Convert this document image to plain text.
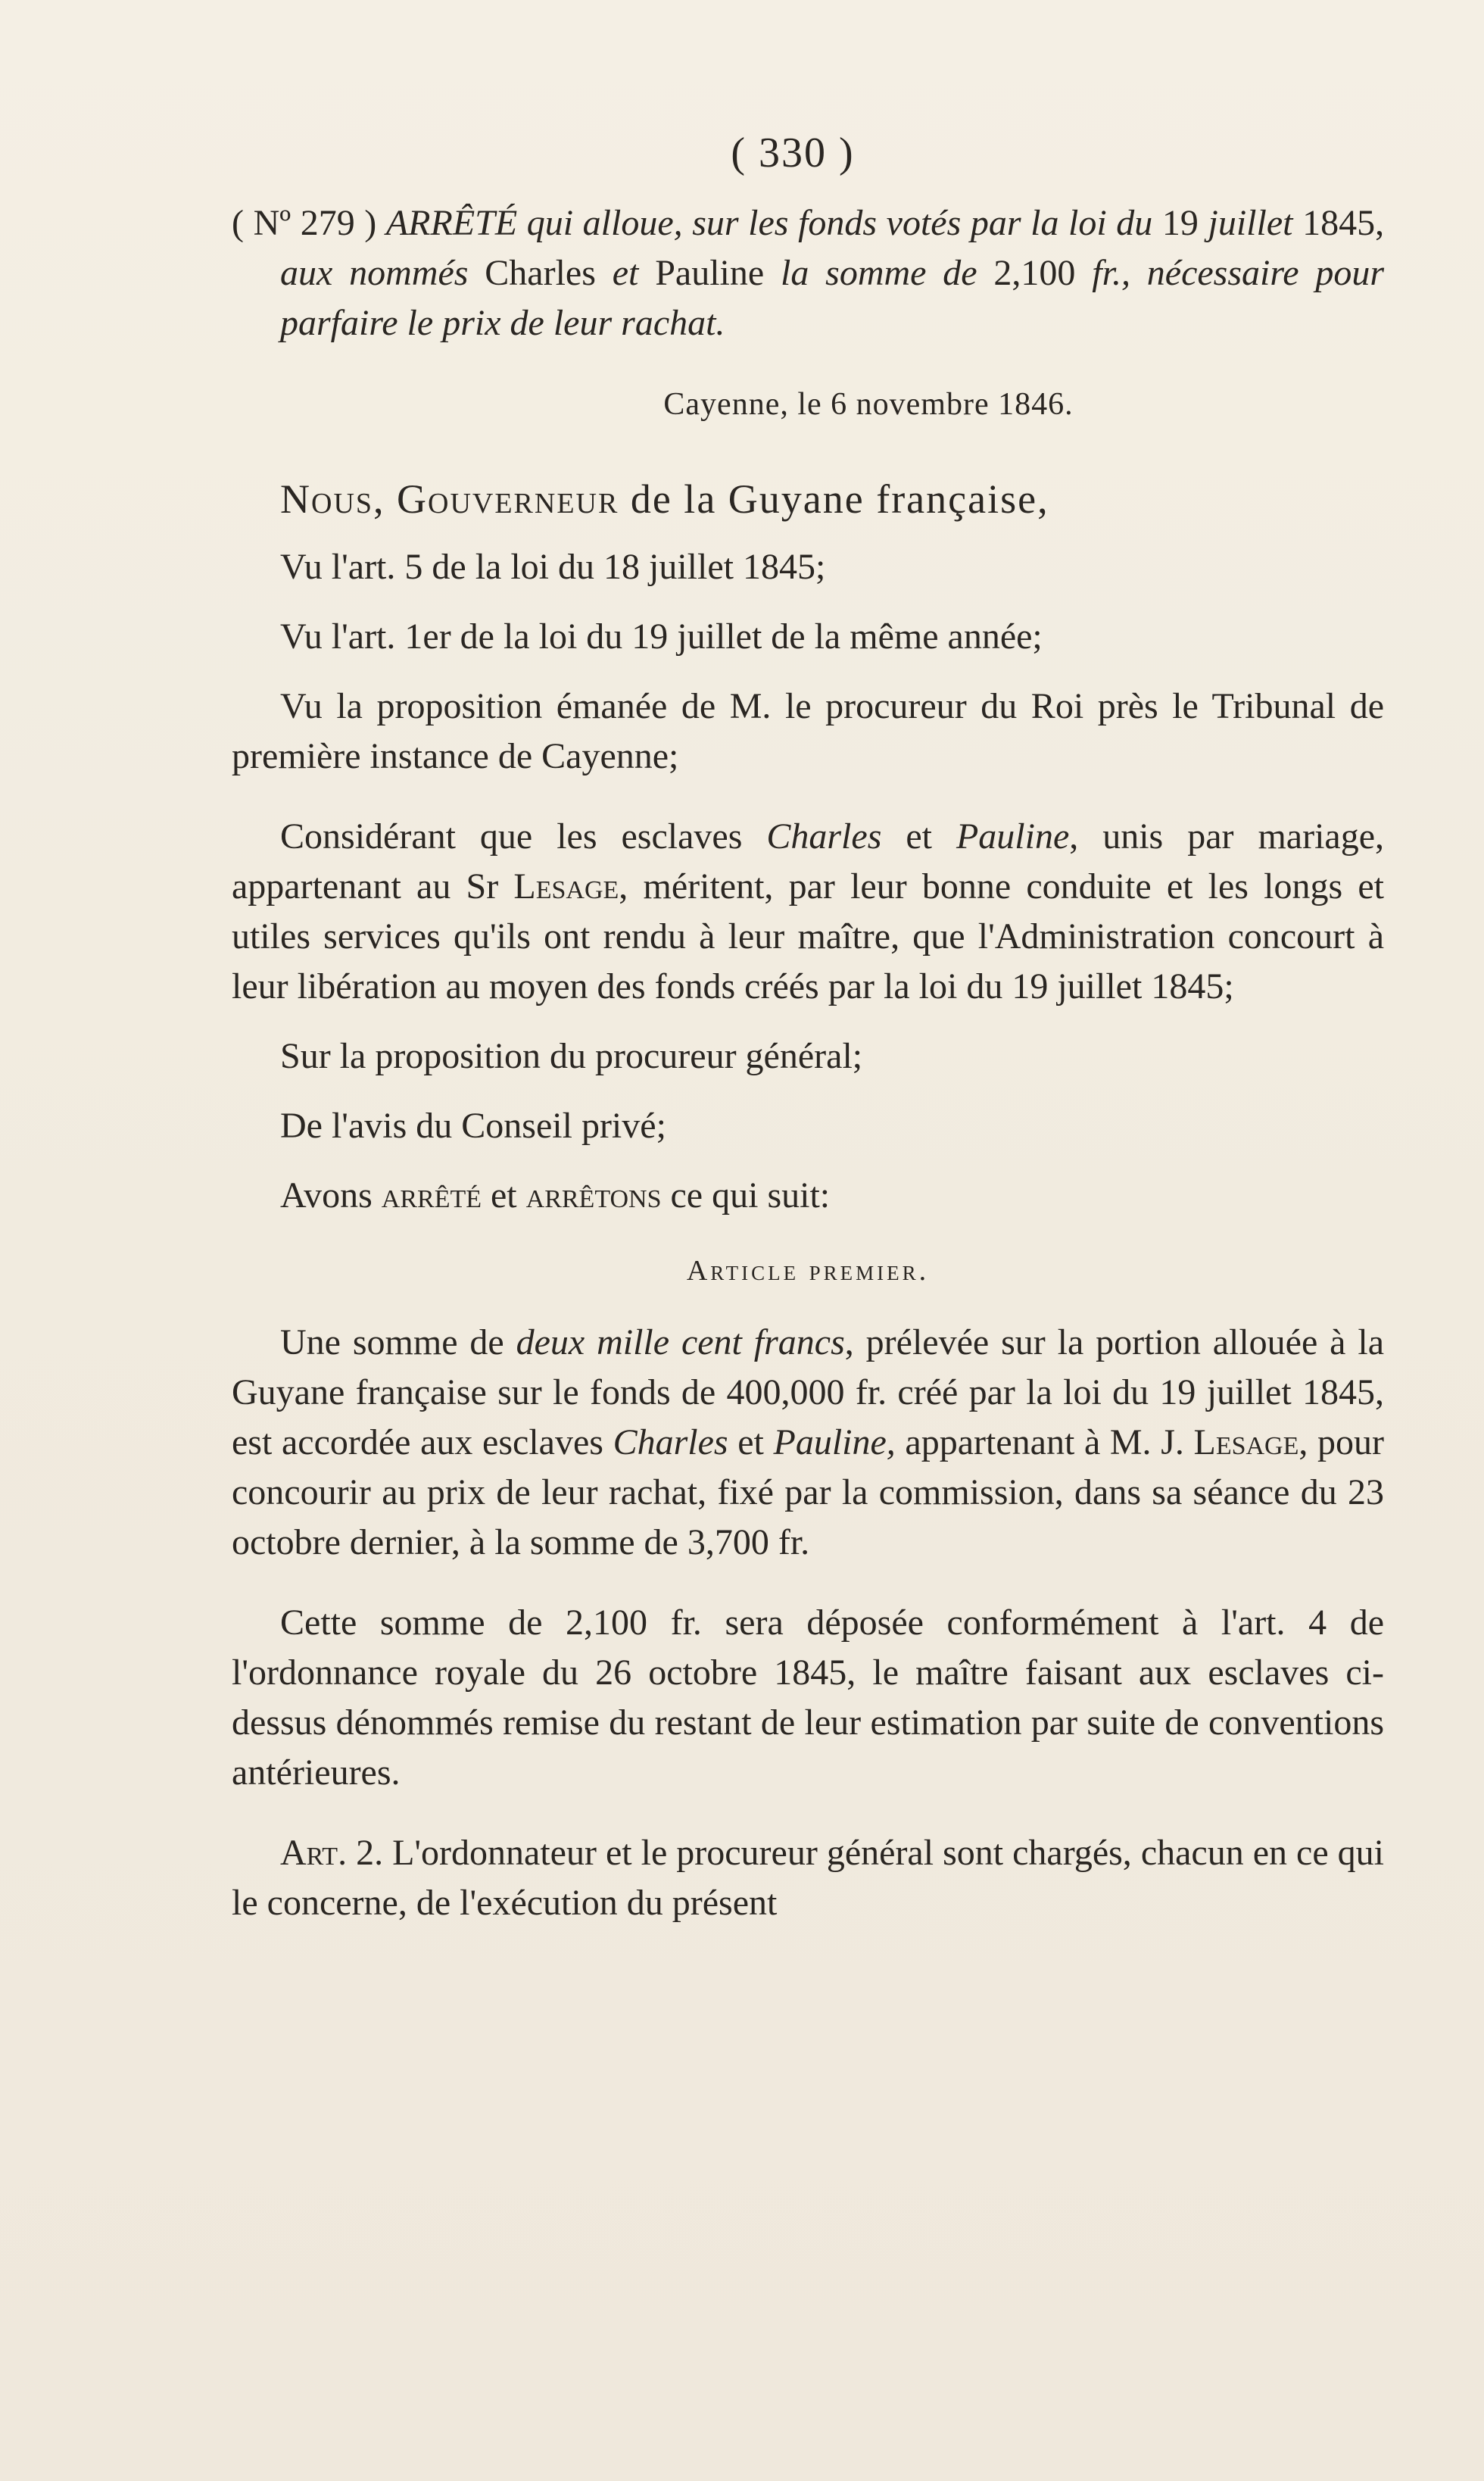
( 330 )
( Nº 279 ) ARRÊTÉ qui alloue, sur les fonds votés par la loi du 19 juillet 1845, aux nommés Charles et Pauline la somme de 2,100 fr., nécessaire pour parfaire le prix de leur rachat.
Cayenne, le 6 novembre 1846.
Nous, Gouverneur de la Guyane française,
Vu l'art. 5 de la loi du 18 juillet 1845;
Vu l'art. 1er de la loi du 19 juillet de la même année;
Vu la proposition émanée de M. le procureur du Roi près le Tribunal de première instance de Cayenne;
Considérant que les esclaves Charles et Pauline, unis par mariage, appartenant au Sr Lesage, méritent, par leur bonne conduite et les longs et utiles services qu'ils ont rendu à leur maître, que l'Administration concourt à leur libération au moyen des fonds créés par la loi du 19 juillet 1845;
Sur la proposition du procureur général;
De l'avis du Conseil privé;
Avons arrêté et arrêtons ce qui suit:
Article premier.
Une somme de deux mille cent francs, prélevée sur la portion allouée à la Guyane française sur le fonds de 400,000 fr. créé par la loi du 19 juillet 1845, est accordée aux esclaves Charles et Pauline, appartenant à M. J. Lesage, pour concourir au prix de leur rachat, fixé par la commission, dans sa séance du 23 octobre dernier, à la somme de 3,700 fr.
Cette somme de 2,100 fr. sera déposée conformément à l'art. 4 de l'ordonnance royale du 26 octobre 1845, le maître faisant aux esclaves ci-dessus dénommés remise du restant de leur estimation par suite de conventions antérieures.
Art. 2. L'ordonnateur et le procureur général sont chargés, chacun en ce qui le concerne, de l'exécution du présent
